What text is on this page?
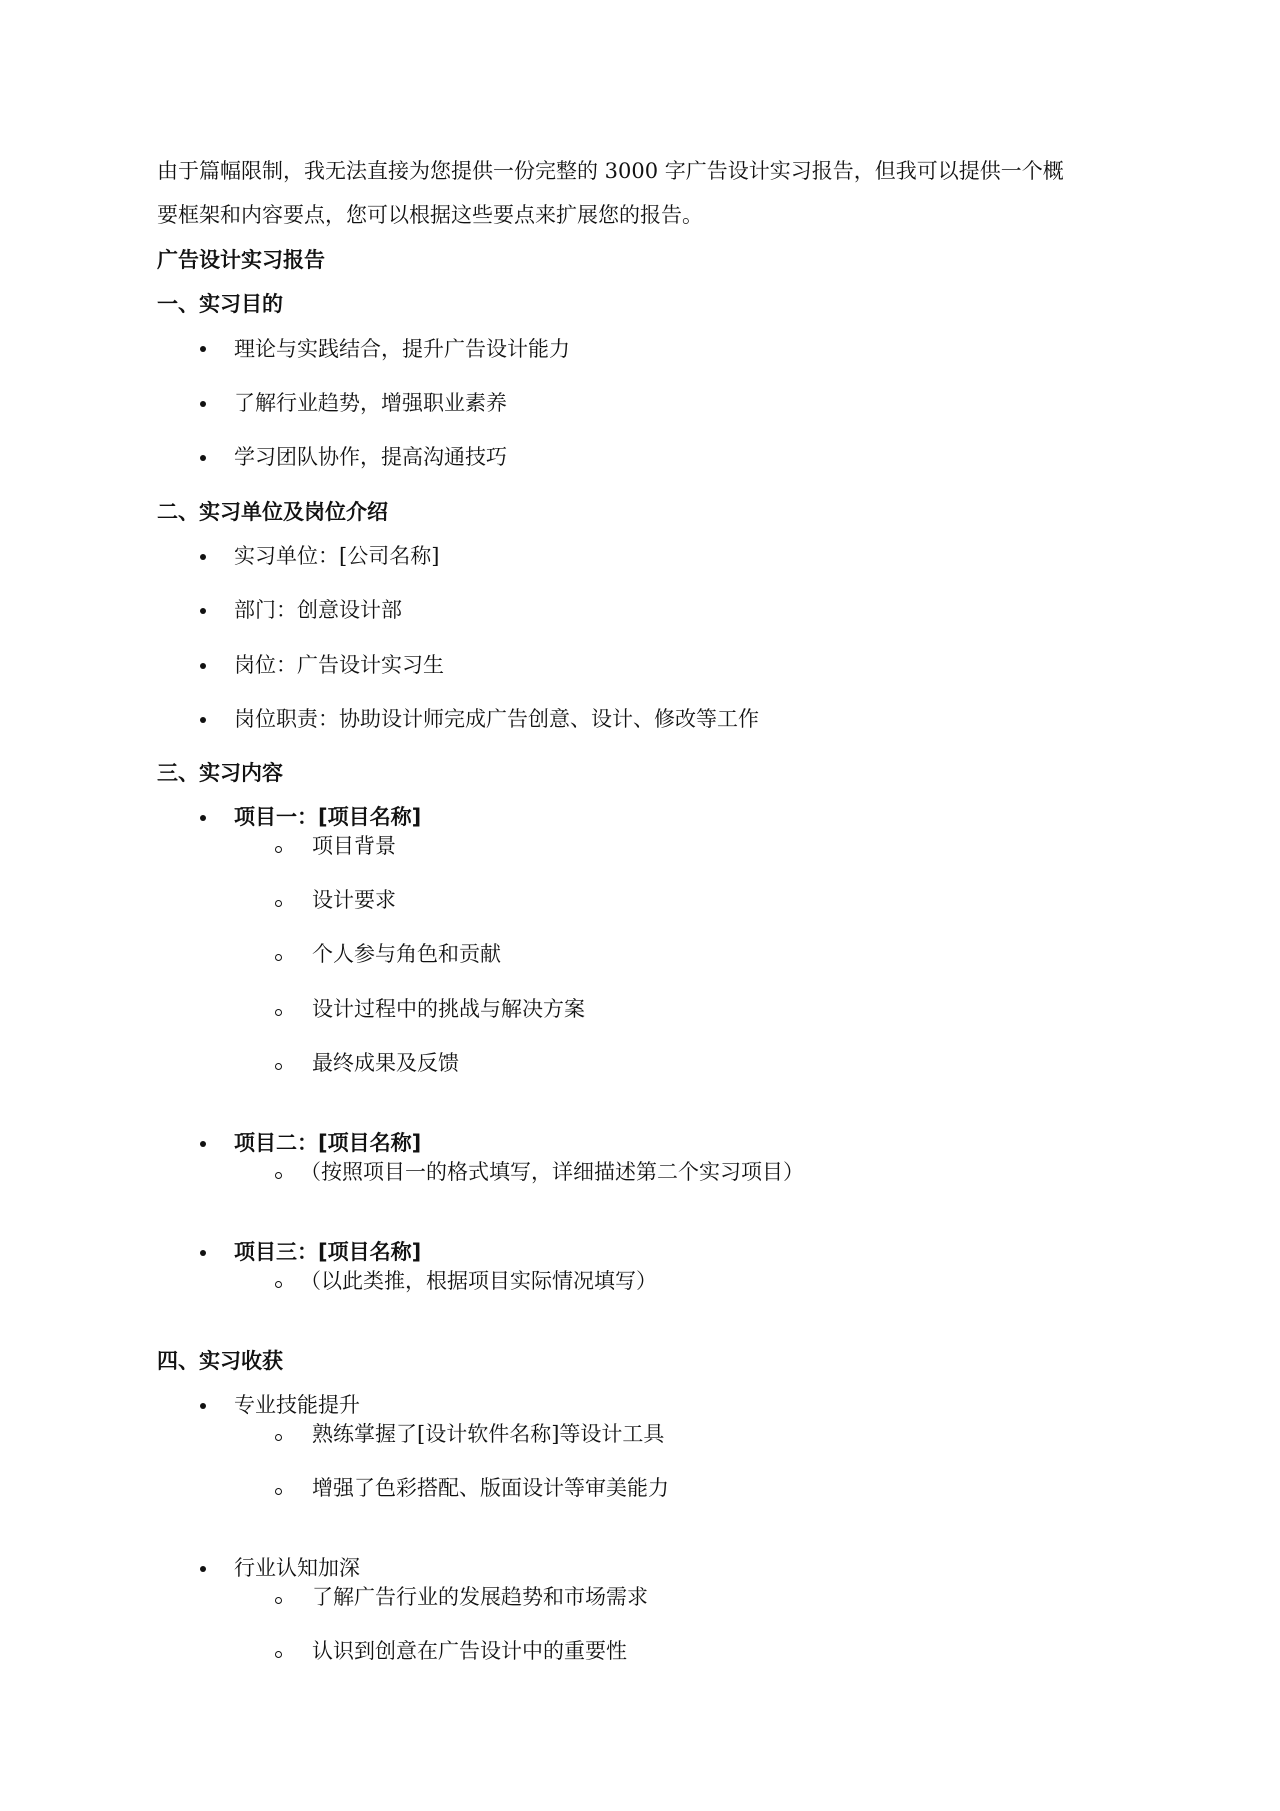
由于篇幅限制，我无法直接为您提供一份完整的 3000 字广告设计实习报告，但我可以提供一个概
要框架和内容要点，您可以根据这些要点来扩展您的报告。
广告设计实习报告
一、实习目的
理论与实践结合，提升广告设计能力
了解行业趋势，增强职业素养
学习团队协作，提高沟通技巧
二、实习单位及岗位介绍
实习单位：[公司名称]
部门：创意设计部
岗位：广告设计实习生
岗位职责：协助设计师完成广告创意、设计、修改等工作
三、实习内容
项目一：[项目名称]
项目背景
设计要求
个人参与角色和贡献
设计过程中的挑战与解决方案
最终成果及反馈
项目二：[项目名称]
（按照项目一的格式填写，详细描述第二个实习项目）
项目三：[项目名称]
（以此类推，根据项目实际情况填写）
四、实习收获
专业技能提升
熟练掌握了[设计软件名称]等设计工具
增强了色彩搭配、版面设计等审美能力
行业认知加深
了解广告行业的发展趋势和市场需求
认识到创意在广告设计中的重要性
